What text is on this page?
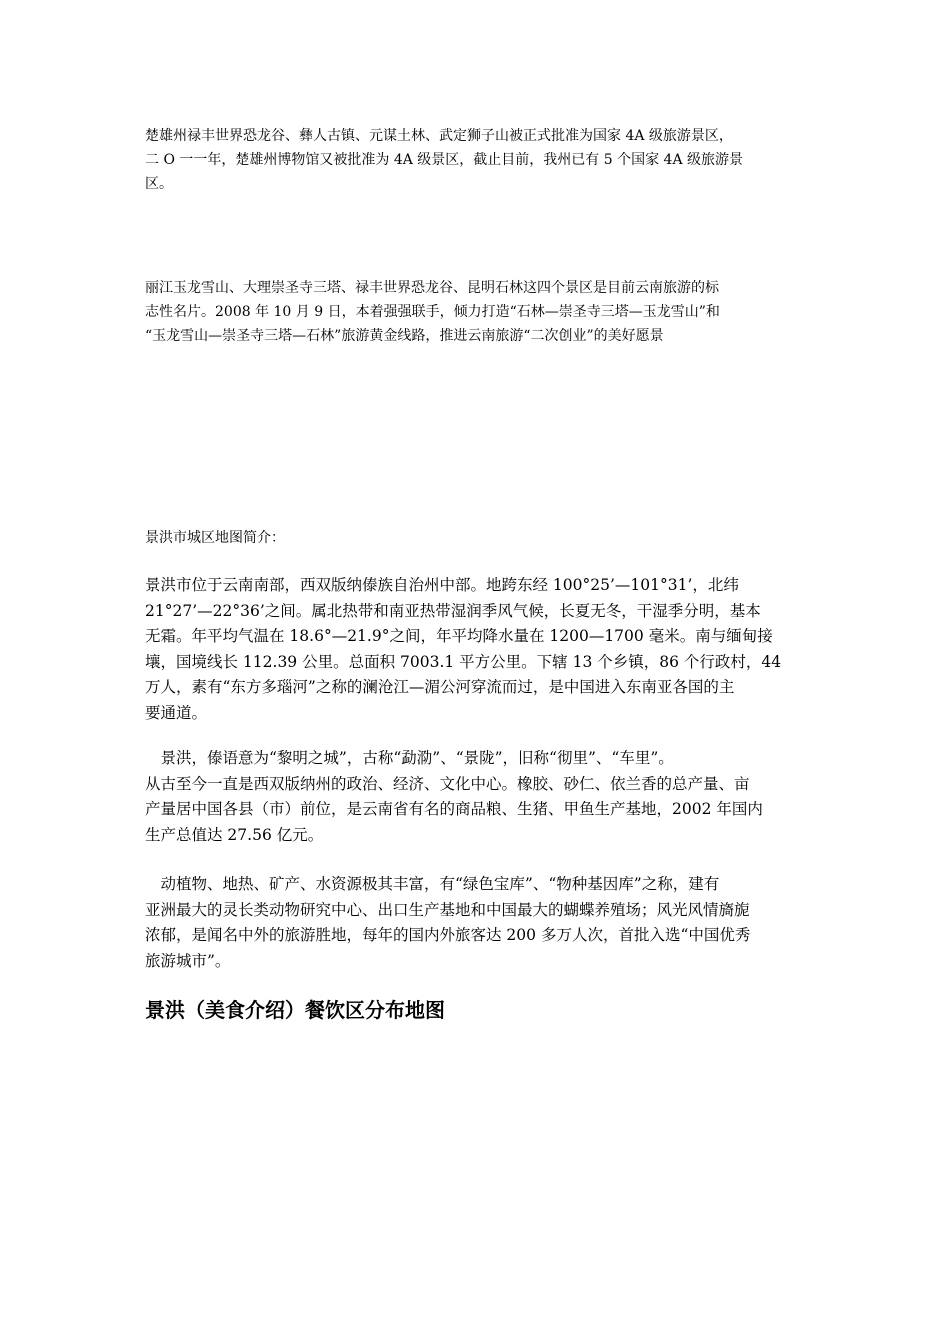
楚雄州禄丰世界恐龙谷、彝人古镇、元谋土林、武定狮子山被正式批准为国家 4A 级旅游景区，
二 O 一一年，楚雄州博物馆又被批准为 4A 级景区，截止目前，我州已有 5 个国家 4A 级旅游景
区。

丽江玉龙雪山、大理崇圣寺三塔、禄丰世界恐龙谷、昆明石林这四个景区是目前云南旅游的标
志性名片。2008 年 10 月 9 日，本着强强联手，倾力打造“石林—崇圣寺三塔—玉龙雪山”和
“玉龙雪山—崇圣寺三塔—石林”旅游黄金线路，推进云南旅游“二次创业”的美好愿景

景洪市城区地图简介：

景洪市位于云南南部，西双版纳傣族自治州中部。地跨东经 100°25’—101°31’，北纬
21°27’—22°36’之间。属北热带和南亚热带湿润季风气候，长夏无冬，干湿季分明，基本
无霜。年平均气温在 18.6°—21.9°之间，年平均降水量在 1200—1700 毫米。南与缅甸接
壤，国境线长 112.39 公里。总面积 7003.1 平方公里。下辖 13 个乡镇，86 个行政村，44
万人，素有“东方多瑙河”之称的澜沧江—湄公河穿流而过，是中国进入东南亚各国的主
要通道。

　景洪，傣语意为“黎明之城”，古称“勐泐”、“景陇”，旧称“彻里”、“车里”。
从古至今一直是西双版纳州的政治、经济、文化中心。橡胶、砂仁、依兰香的总产量、亩
产量居中国各县（市）前位，是云南省有名的商品粮、生猪、甲鱼生产基地，2002 年国内
生产总值达 27.56 亿元。

　动植物、地热、矿产、水资源极其丰富，有“绿色宝库”、“物种基因库”之称，建有
亚洲最大的灵长类动物研究中心、出口生产基地和中国最大的蝴蝶养殖场；风光风情旖旎
浓郁，是闻名中外的旅游胜地，每年的国内外旅客达 200 多万人次，首批入选“中国优秀
旅游城市”。

景洪（美食介绍）餐饮区分布地图
